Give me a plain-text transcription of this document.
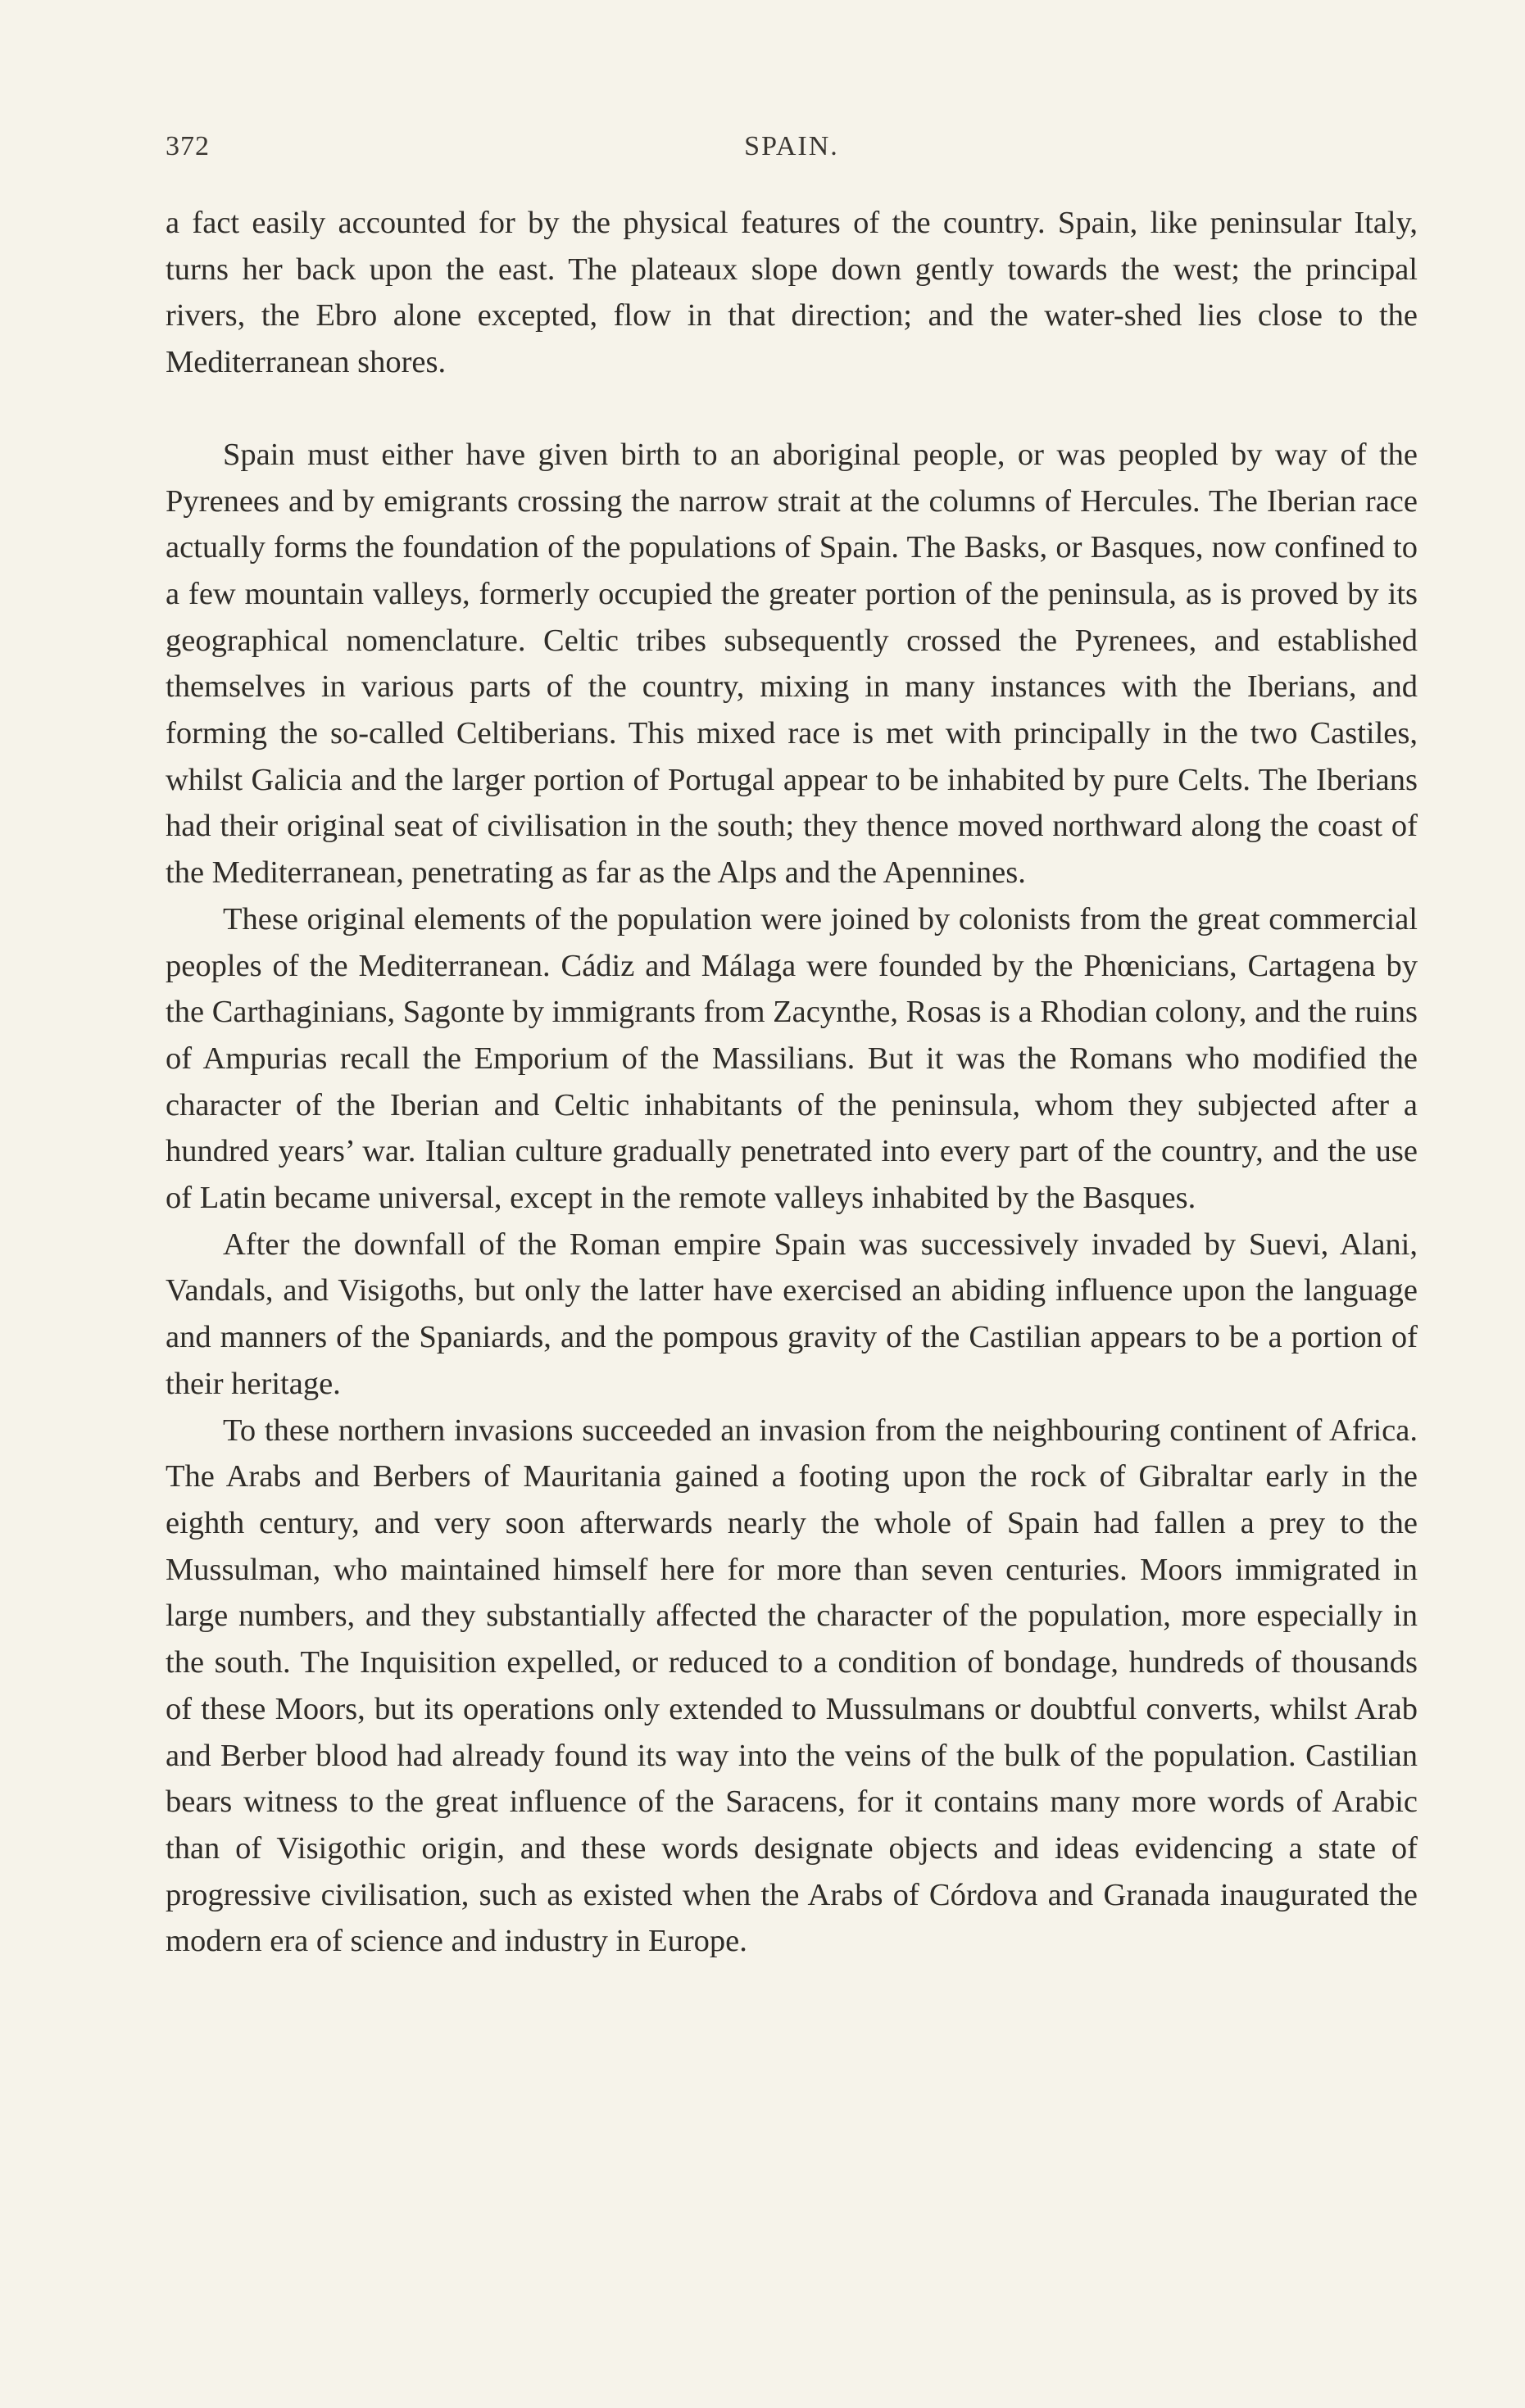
372	SPAIN.

a fact easily accounted for by the physical features of the country. Spain, like peninsular Italy, turns her back upon the east. The plateaux slope down gently towards the west; the principal rivers, the Ebro alone excepted, flow in that direction; and the water-shed lies close to the Mediterranean shores.

Spain must either have given birth to an aboriginal people, or was peopled by way of the Pyrenees and by emigrants crossing the narrow strait at the columns of Hercules. The Iberian race actually forms the foundation of the populations of Spain. The Basks, or Basques, now confined to a few mountain valleys, formerly occupied the greater portion of the peninsula, as is proved by its geographical nomenclature. Celtic tribes subsequently crossed the Pyrenees, and established themselves in various parts of the country, mixing in many instances with the Iberians, and forming the so-called Celtiberians. This mixed race is met with principally in the two Castiles, whilst Galicia and the larger portion of Portugal appear to be inhabited by pure Celts. The Iberians had their original seat of civilisation in the south; they thence moved northward along the coast of the Mediterranean, penetrating as far as the Alps and the Apennines.

These original elements of the population were joined by colonists from the great commercial peoples of the Mediterranean. Cádiz and Málaga were founded by the Phœnicians, Cartagena by the Carthaginians, Sagonte by immigrants from Zacynthe, Rosas is a Rhodian colony, and the ruins of Ampurias recall the Emporium of the Massilians. But it was the Romans who modified the character of the Iberian and Celtic inhabitants of the peninsula, whom they subjected after a hundred years’ war. Italian culture gradually penetrated into every part of the country, and the use of Latin became universal, except in the remote valleys inhabited by the Basques.

After the downfall of the Roman empire Spain was successively invaded by Suevi, Alani, Vandals, and Visigoths, but only the latter have exercised an abiding influence upon the language and manners of the Spaniards, and the pompous gravity of the Castilian appears to be a portion of their heritage.

To these northern invasions succeeded an invasion from the neighbouring continent of Africa. The Arabs and Berbers of Mauritania gained a footing upon the rock of Gibraltar early in the eighth century, and very soon afterwards nearly the whole of Spain had fallen a prey to the Mussulman, who maintained himself here for more than seven centuries. Moors immigrated in large numbers, and they substantially affected the character of the population, more especially in the south. The Inquisition expelled, or reduced to a condition of bondage, hundreds of thousands of these Moors, but its operations only extended to Mussulmans or doubtful converts, whilst Arab and Berber blood had already found its way into the veins of the bulk of the population. Castilian bears witness to the great influence of the Saracens, for it contains many more words of Arabic than of Visigothic origin, and these words designate objects and ideas evidencing a state of progressive civilisation, such as existed when the Arabs of Córdova and Granada inaugurated the modern era of science and industry in Europe.
